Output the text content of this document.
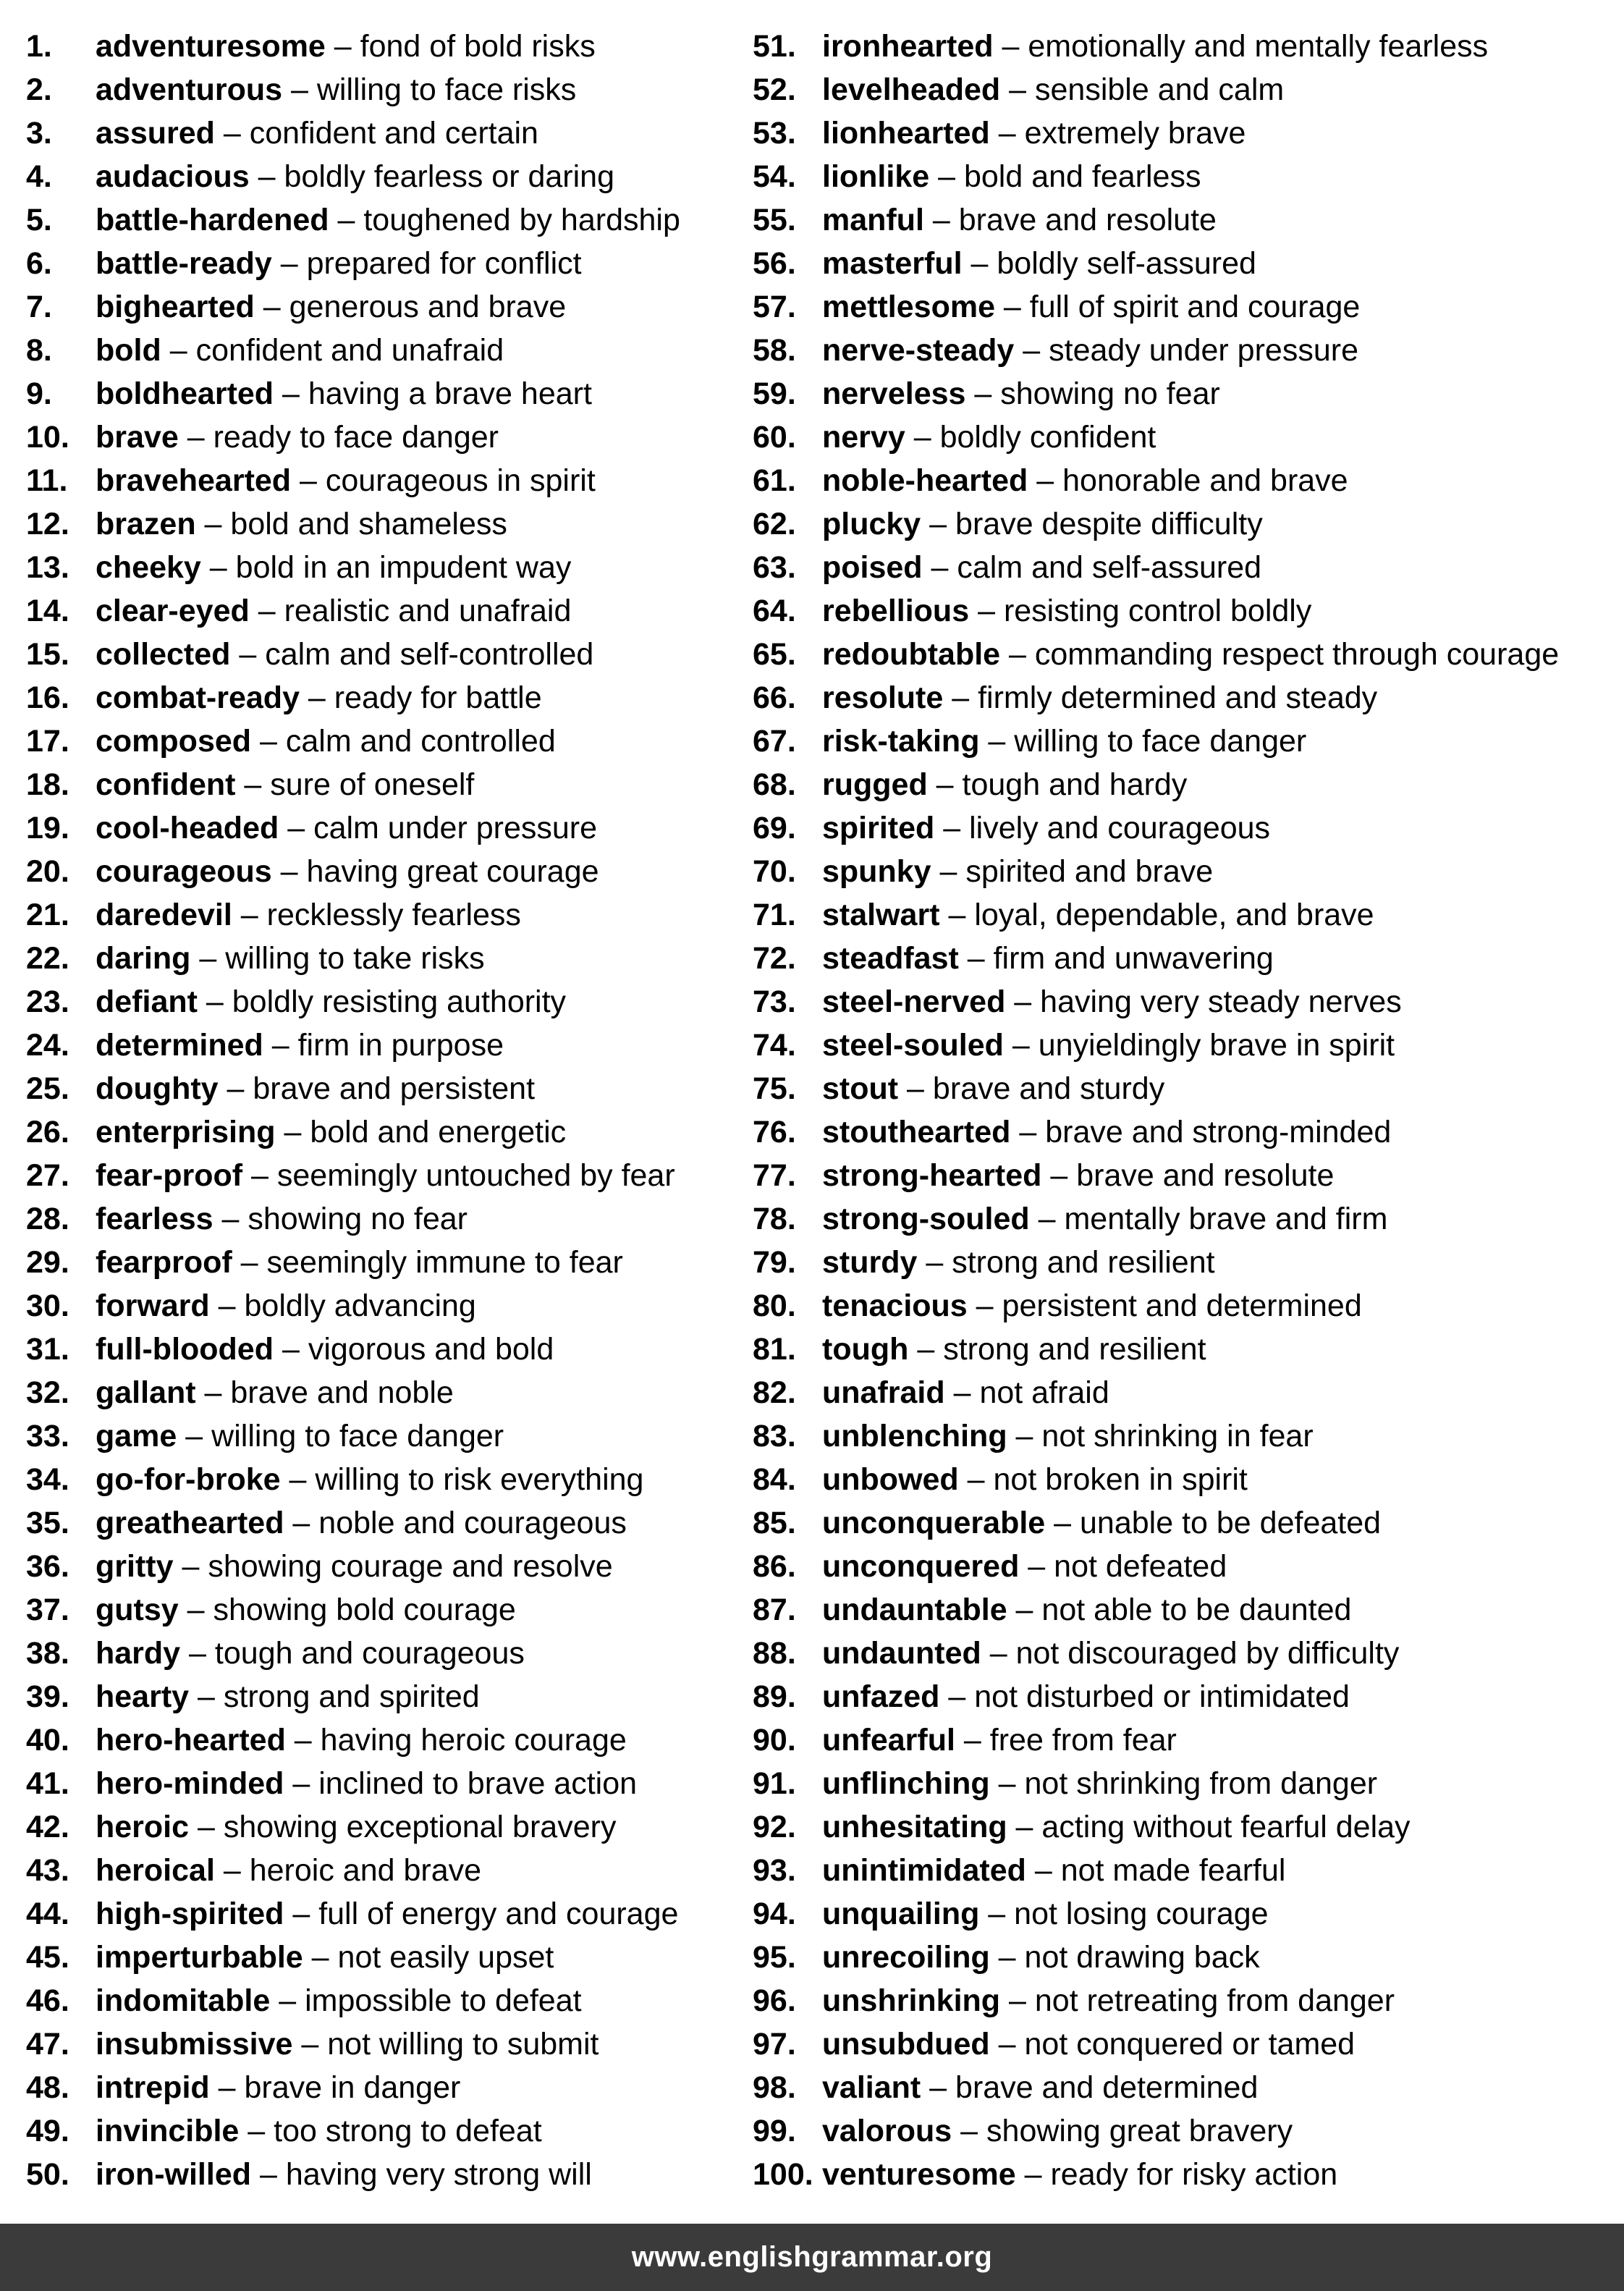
1.	adventuresome – fond of bold risks
2.	adventurous – willing to face risks
3.	assured – confident and certain
4.	audacious – boldly fearless or daring
5.	battle-hardened – toughened by hardship
6.	battle-ready – prepared for conflict
7.	bighearted – generous and brave
8.	bold – confident and unafraid
9.	boldhearted – having a brave heart
10. brave – ready to face danger
11. bravehearted – courageous in spirit
12. brazen – bold and shameless
13. cheeky – bold in an impudent way
14. clear-eyed – realistic and unafraid
15. collected – calm and self-controlled
16. combat-ready – ready for battle
17. composed – calm and controlled
18. confident – sure of oneself
19. cool-headed – calm under pressure
20. courageous – having great courage
21. daredevil – recklessly fearless
22. daring – willing to take risks
23. defiant – boldly resisting authority
24. determined – firm in purpose
25. doughty – brave and persistent
26. enterprising – bold and energetic
27. fear-proof – seemingly untouched by fear
28. fearless – showing no fear
29. fearproof – seemingly immune to fear
30. forward – boldly advancing
31. full-blooded – vigorous and bold
32. gallant – brave and noble
33. game – willing to face danger
34. go-for-broke – willing to risk everything
35. greathearted – noble and courageous
36. gritty – showing courage and resolve
37. gutsy – showing bold courage
38. hardy – tough and courageous
39. hearty – strong and spirited
40. hero-hearted – having heroic courage
41. hero-minded – inclined to brave action
42. heroic – showing exceptional bravery
43. heroical – heroic and brave
44. high-spirited – full of energy and courage
45. imperturbable – not easily upset
46. indomitable – impossible to defeat
47. insubmissive – not willing to submit
48. intrepid – brave in danger
49. invincible – too strong to defeat
50. iron-willed – having very strong will
51. ironhearted – emotionally and mentally fearless
52. levelheaded – sensible and calm
53. lionhearted – extremely brave
54. lionlike – bold and fearless
55. manful – brave and resolute
56. masterful – boldly self-assured
57. mettlesome – full of spirit and courage
58. nerve-steady – steady under pressure
59. nerveless – showing no fear
60. nervy – boldly confident
61. noble-hearted – honorable and brave
62. plucky – brave despite difficulty
63. poised – calm and self-assured
64. rebellious – resisting control boldly
65. redoubtable – commanding respect through courage
66. resolute – firmly determined and steady
67. risk-taking – willing to face danger
68. rugged – tough and hardy
69. spirited – lively and courageous
70. spunky – spirited and brave
71. stalwart – loyal, dependable, and brave
72. steadfast – firm and unwavering
73. steel-nerved – having very steady nerves
74. steel-souled – unyieldingly brave in spirit
75. stout – brave and sturdy
76. stouthearted – brave and strong-minded
77. strong-hearted – brave and resolute
78. strong-souled – mentally brave and firm
79. sturdy – strong and resilient
80. tenacious – persistent and determined
81. tough – strong and resilient
82. unafraid – not afraid
83. unblenching – not shrinking in fear
84. unbowed – not broken in spirit
85. unconquerable – unable to be defeated
86. unconquered – not defeated
87. undauntable – not able to be daunted
88. undaunted – not discouraged by difficulty
89. unfazed – not disturbed or intimidated
90. unfearful – free from fear
91. unflinching – not shrinking from danger
92. unhesitating – acting without fearful delay
93. unintimidated – not made fearful
94. unquailing – not losing courage
95. unrecoiling – not drawing back
96. unshrinking – not retreating from danger
97. unsubdued – not conquered or tamed
98. valiant – brave and determined
99. valorous – showing great bravery
100. venturesome – ready for risky action
www.englishgrammar.org
